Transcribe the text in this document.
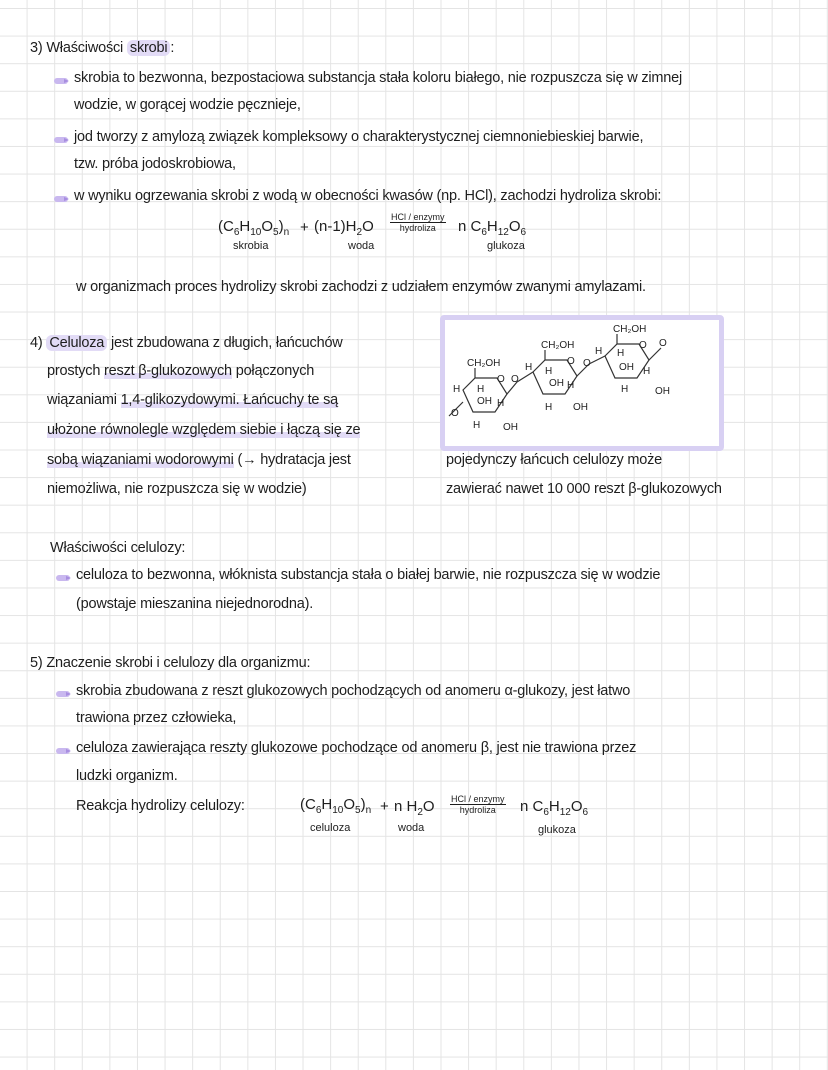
3) Właściwości skrobi :
skrobia to bezwonna, bezpostaciowa substancja stała koloru białego, nie rozpuszcza się w zimnej
wodzie, w gorącej wodzie pęcznieje,
jod tworzy z amylozą związek kompleksowy o charakterystycznej ciemnoniebieskiej barwie,
tzw. próba jodoskrobiowa,
w wyniku ogrzewania skrobi z wodą w obecności kwasów (np. HCl), zachodzi hydroliza skrobi:
$(C_6H_{10}O_5)_n + (n-1)H_2O$
HCl / enzymy
hydroliza	n $C_6H_{12}O_6$
skrobia	woda	glukoza
w organizmach proces hydrolizy skrobi zachodzi z udziałem enzymów zwanymi amylazami.
4) Celuloza jest zbudowana z długich, łańcuchów
prostych reszt β-glukozowych połączonych
wiązaniami 1,4-glikozydowymi. Łańcuchy te są
ułożone równolegle względem siebie i łączą się ze
sobą wiązaniami wodorowymi (→ hydratacja jest
niemożliwa, nie rozpuszcza się w wodzie)
CH₂OH
CH₂OH
CH₂OH
O
O
O
O
O
O
O
OH
OH
OH
OH
OH
OH
H H
H
H
H H
H
H
H H
H
H
pojedynczy łańcuch celulozy może
zawierać nawet 10 000 reszt β-glukozowych
Właściwości celulozy:
celuloza to bezwonna, włóknista substancja stała o białej barwie, nie rozpuszcza się w wodzie
(powstaje mieszanina niejednorodna).
5) Znaczenie skrobi i celulozy dla organizmu:
skrobia zbudowana z reszt glukozowych pochodzących od anomeru α-glukozy, jest łatwo
trawiona przez człowieka,
celuloza zawierająca reszty glukozowe pochodzące od anomeru β, jest nie trawiona przez
ludzki organizm.
Reakcja hydrolizy celulozy:	$(C_6H_{10}O_5)_n + n$ $H_2O$ HCl / enzymy
hydroliza	n $C_6H_{12}O_6$
celuloza	woda	glukoza
